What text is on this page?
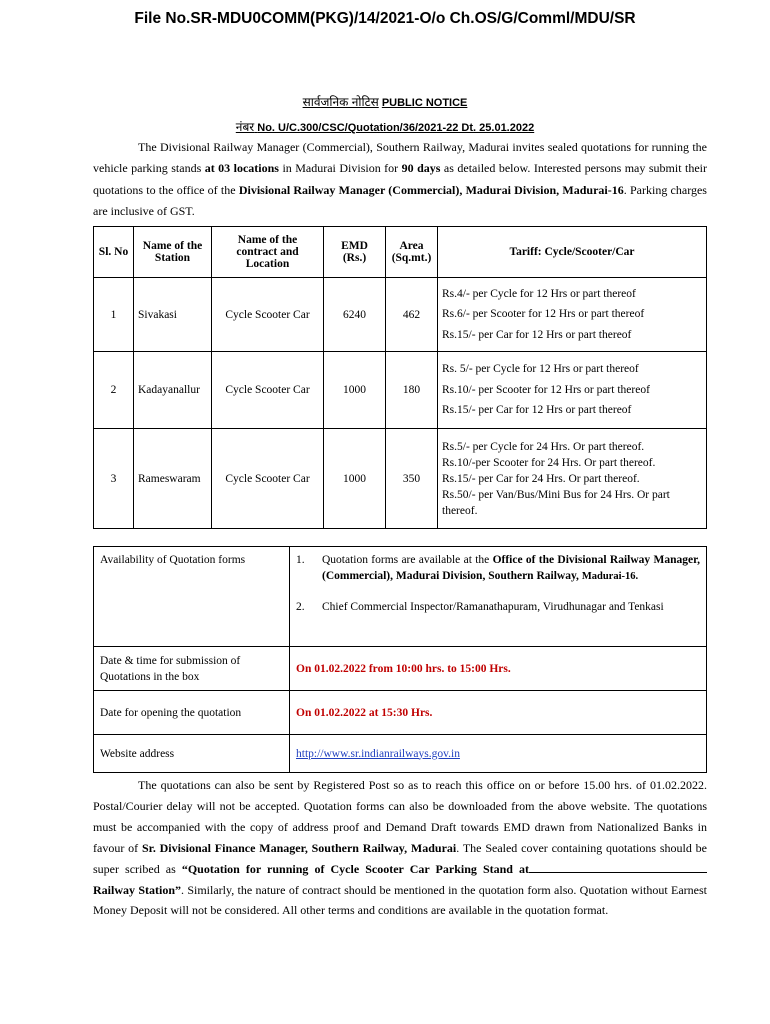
File No.SR-MDU0COMM(PKG)/14/2021-O/o Ch.OS/G/Comml/MDU/SR
सार्वजनिक नोटिस PUBLIC NOTICE
नंबर No. U/C.300/CSC/Quotation/36/2021-22 Dt. 25.01.2022
The Divisional Railway Manager (Commercial), Southern Railway, Madurai invites sealed quotations for running the vehicle parking stands at 03 locations in Madurai Division for 90 days as detailed below. Interested persons may submit their quotations to the office of the Divisional Railway Manager (Commercial), Madurai Division, Madurai-16. Parking charges are inclusive of GST.
Sl. No	Name of the Station	Name of the contract and Location	EMD (Rs.)	Area (Sq.mt.)	Tariff: Cycle/Scooter/Car
1	Sivakasi	Cycle Scooter Car	6240	462	Rs.4/- per Cycle for 12 Hrs or part thereof
Rs.6/- per Scooter for 12 Hrs or part thereof
Rs.15/- per Car for 12 Hrs or part thereof

2	Kadayanallur	Cycle Scooter Car	1000	180	Rs. 5/- per Cycle for 12 Hrs or part thereof
Rs.10/- per Scooter for 12 Hrs or part thereof
Rs.15/- per Car for 12 Hrs or part thereof

3	Rameswaram	Cycle Scooter Car	1000	350	Rs.5/- per Cycle for 24 Hrs. Or part thereof.
Rs.10/-per Scooter for 24 Hrs. Or part thereof.
Rs.15/- per Car for 24 Hrs. Or part thereof.
Rs.50/- per Van/Bus/Mini Bus for 24 Hrs. Or part thereof.
Availability of Quotation forms	1. Quotation forms are available at the Office of the Divisional Railway Manager, (Commercial), Madurai Division, Southern Railway, Madurai-16.
2. Chief Commercial Inspector/Ramanathapuram, Virudhunagar and Tenkasi

Date & time for submission of Quotations in the box	On 01.02.2022 from 10:00 hrs. to 15:00 Hrs.
Date for opening the quotation	On 01.02.2022 at 15:30 Hrs.
Website address	http://www.sr.indianrailways.gov.in
The quotations can also be sent by Registered Post so as to reach this office on or before 15.00 hrs. of 01.02.2022. Postal/Courier delay will not be accepted. Quotation forms can also be downloaded from the above website. The quotations must be accompanied with the copy of address proof and Demand Draft towards EMD drawn from Nationalized Banks in favour of Sr. Divisional Finance Manager, Southern Railway, Madurai. The Sealed cover containing quotations should be super scribed as “Quotation for running of Cycle Scooter Car Parking Stand atRailway Station”. Similarly, the nature of contract should be mentioned in the quotation form also. Quotation without Earnest Money Deposit will not be considered. All other terms and conditions are available in the quotation format.
